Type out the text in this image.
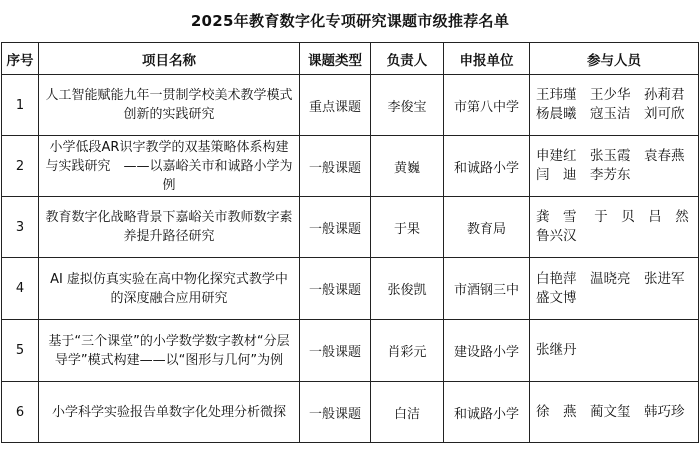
2025年教育数字化专项研究课题市级推荐名单
序号	项目名称	课题类型	负责人	申报单位	参与人员
1	人工智能赋能九年一贯制学校美术教学模式创新的实践研究	重点课题	李俊宝	市第八中学	王玮瑾　王少华　孙莉君
杨晨曦　寇玉洁　刘可欣

2	小学低段AR识字教学的双基策略体系构建与实践研究　——以嘉峪关市和诚路小学为例	一般课题	黄巍	和诚路小学	申建红　张玉霞　袁春燕
闫　迪　李芳东

3	教育数字化战略背景下嘉峪关市教师数字素养提升路径研究	一般课题	于果	教育局	龚　雪　 于　贝　吕　然
鲁兴汉

4	AI 虚拟仿真实验在高中物化探究式教学中的深度融合应用研究	一般课题	张俊凯	市酒钢三中	白艳萍　温晓亮　张进军
盛文博

5	基于“三个课堂”的小学数学数字教材“分层导学”模式构建——以“图形与几何”为例	一般课题	肖彩元	建设路小学	张继丹

6	小学科学实验报告单数字化处理分析微探	一般课题	白洁	和诚路小学	徐　燕　蔺文玺　韩巧珍
